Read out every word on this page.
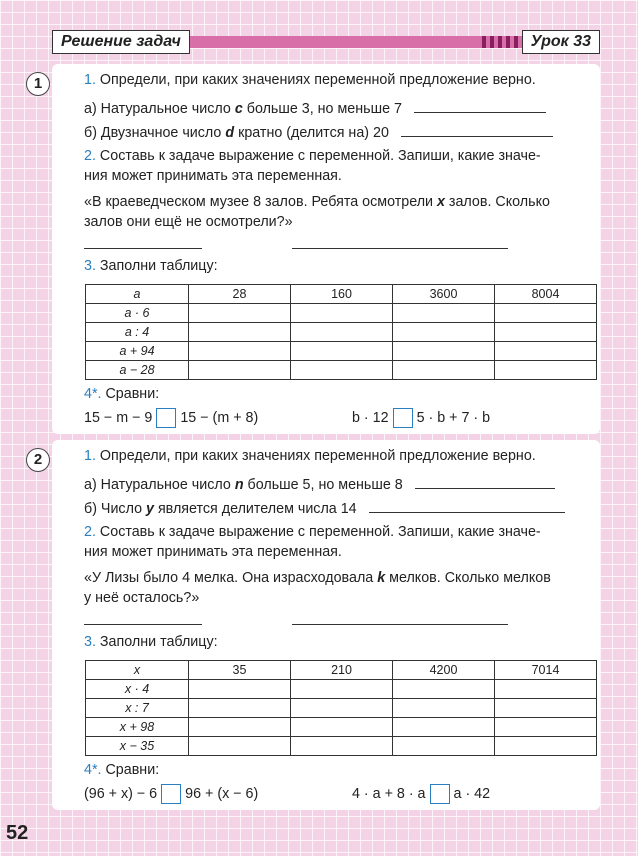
Решение задач	Урок 33
1	1. Определи, при каких значениях переменной предложение верно.
а) Натуральное число c больше 3, но меньше 7
б) Двузначное число d кратно (делится на) 20
2. Составь к задаче выражение с переменной. Запиши, какие значе-
ния может принимать эта переменная.
«В краеведческом музее 8 залов. Ребята осмотрели x залов. Сколько
залов они ещё не осмотрели?»
3. Заполни таблицу:
a	28	160	3600	8004
a · 6				
a : 4				
a + 94				
a − 28				
4*. Сравни:
15 − m − 9 15 − (m + 8)	b · 12 5 · b + 7 · b
2	1. Определи, при каких значениях переменной предложение верно.
а) Натуральное число n больше 5, но меньше 8
б) Число y является делителем числа 14
2. Составь к задаче выражение с переменной. Запиши, какие значе-
ния может принимать эта переменная.
«У Лизы было 4 мелка. Она израсходовала k мелков. Сколько мелков
у неё осталось?»
3. Заполни таблицу:
x	35	210	4200	7014
x · 4				
x : 7				
x + 98				
x − 35				
4*. Сравни:
(96 + x) − 6 96 + (x − 6)	4 · a + 8 · a a · 42
52
